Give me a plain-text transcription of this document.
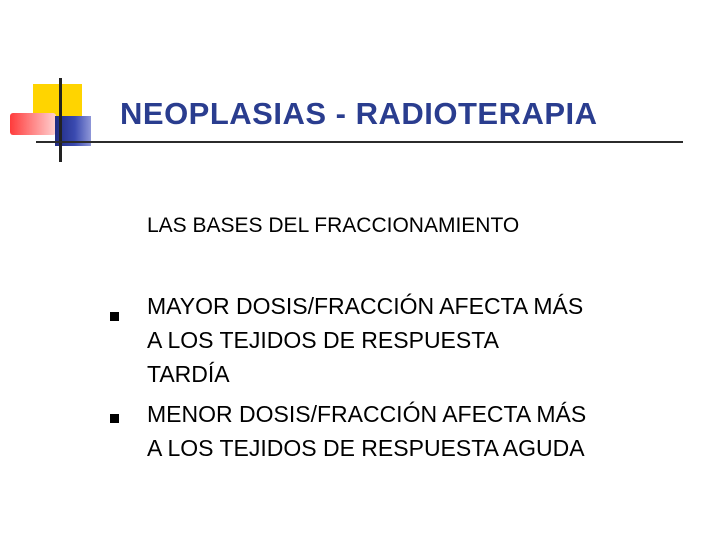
NEOPLASIAS - RADIOTERAPIA
LAS BASES DEL FRACCIONAMIENTO
MAYOR DOSIS/FRACCIÓN AFECTA MÁS
A LOS TEJIDOS DE RESPUESTA
TARDÍA
MENOR DOSIS/FRACCIÓN AFECTA MÁS
A LOS TEJIDOS DE RESPUESTA AGUDA
